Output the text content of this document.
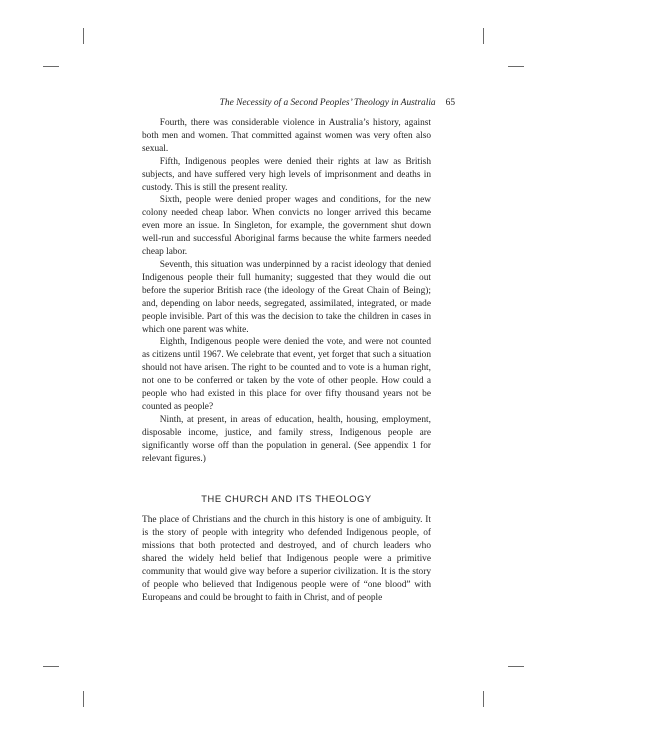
The Necessity of a Second Peoples’ Theology in Australia 65

Fourth, there was considerable violence in Australia’s history, against both men and women. That committed against women was very often also sexual.

Fifth, Indigenous peoples were denied their rights at law as British subjects, and have suffered very high levels of imprisonment and deaths in custody. This is still the present reality.

Sixth, people were denied proper wages and conditions, for the new colony needed cheap labor. When convicts no longer arrived this became even more an issue. In Singleton, for example, the government shut down well-run and successful Aboriginal farms because the white farmers needed cheap labor.

Seventh, this situation was underpinned by a racist ideology that denied Indigenous people their full humanity; suggested that they would die out before the superior British race (the ideology of the Great Chain of Being); and, depending on labor needs, segregated, assimilated, integrated, or made people invisible. Part of this was the decision to take the children in cases in which one parent was white.

Eighth, Indigenous people were denied the vote, and were not counted as citizens until 1967. We celebrate that event, yet forget that such a situation should not have arisen. The right to be counted and to vote is a human right, not one to be conferred or taken by the vote of other people. How could a people who had existed in this place for over fifty thousand years not be counted as people?

Ninth, at present, in areas of education, health, housing, employment, disposable income, justice, and family stress, Indigenous people are significantly worse off than the population in general. (See appendix 1 for relevant figures.)

THE CHURCH AND ITS THEOLOGY

The place of Christians and the church in this history is one of ambiguity. It is the story of people with integrity who defended Indigenous people, of missions that both protected and destroyed, and of church leaders who shared the widely held belief that Indigenous people were a primitive community that would give way before a superior civilization. It is the story of people who believed that Indigenous people were of “one blood” with Europeans and could be brought to faith in Christ, and of people
